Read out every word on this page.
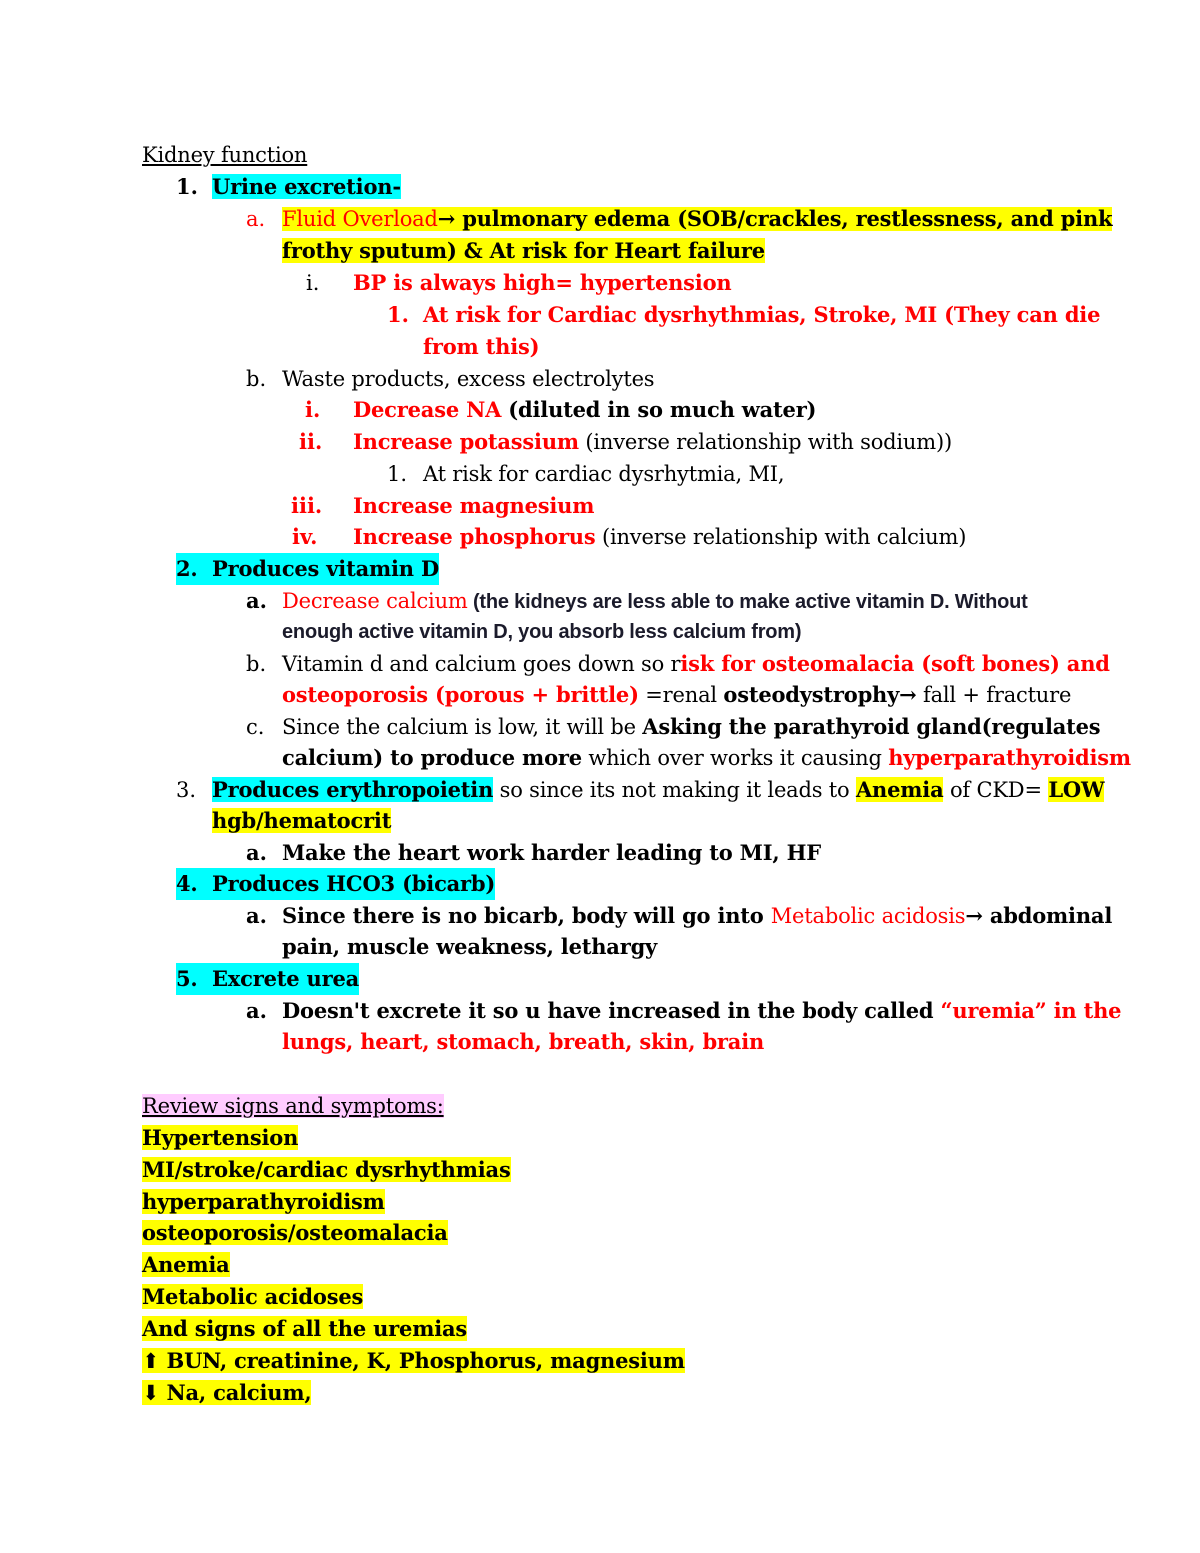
Kidney function
1. Urine excretion-
a. Fluid Overload→ pulmonary edema (SOB/crackles, restlessness, and pink
frothy sputum) & At risk for Heart failure
i. BP is always high= hypertension
1. At risk for Cardiac dysrhythmias, Stroke, MI (They can die
from this)
b. Waste products, excess electrolytes
i. Decrease NA (diluted in so much water)
ii. Increase potassium (inverse relationship with sodium))
1. At risk for cardiac dysrhytmia, MI,
iii. Increase magnesium
iv. Increase phosphorus (inverse relationship with calcium)
2. Produces vitamin D
a. Decrease calcium (the kidneys are less able to make active vitamin D. Without
enough active vitamin D, you absorb less calcium from)
b. Vitamin d and calcium goes down so risk for osteomalacia (soft bones) and
osteoporosis (porous + brittle) =renal osteodystrophy→ fall + fracture
c. Since the calcium is low, it will be Asking the parathyroid gland(regulates
calcium) to produce more which over works it causing hyperparathyroidism
3. Produces erythropoietin so since its not making it leads to Anemia of CKD= LOW
hgb/hematocrit
a. Make the heart work harder leading to MI, HF
4. Produces HCO3 (bicarb)
a. Since there is no bicarb, body will go into Metabolic acidosis→ abdominal
pain, muscle weakness, lethargy
5. Excrete urea
a. Doesn't excrete it so u have increased in the body called “uremia” in the
lungs, heart, stomach, breath, skin, brain
Review signs and symptoms:
Hypertension
MI/stroke/cardiac dysrhythmias
hyperparathyroidism
osteoporosis/osteomalacia
Anemia
Metabolic acidoses
And signs of all the uremias
⬆ BUN, creatinine, K, Phosphorus, magnesium
⬇ Na, calcium,
